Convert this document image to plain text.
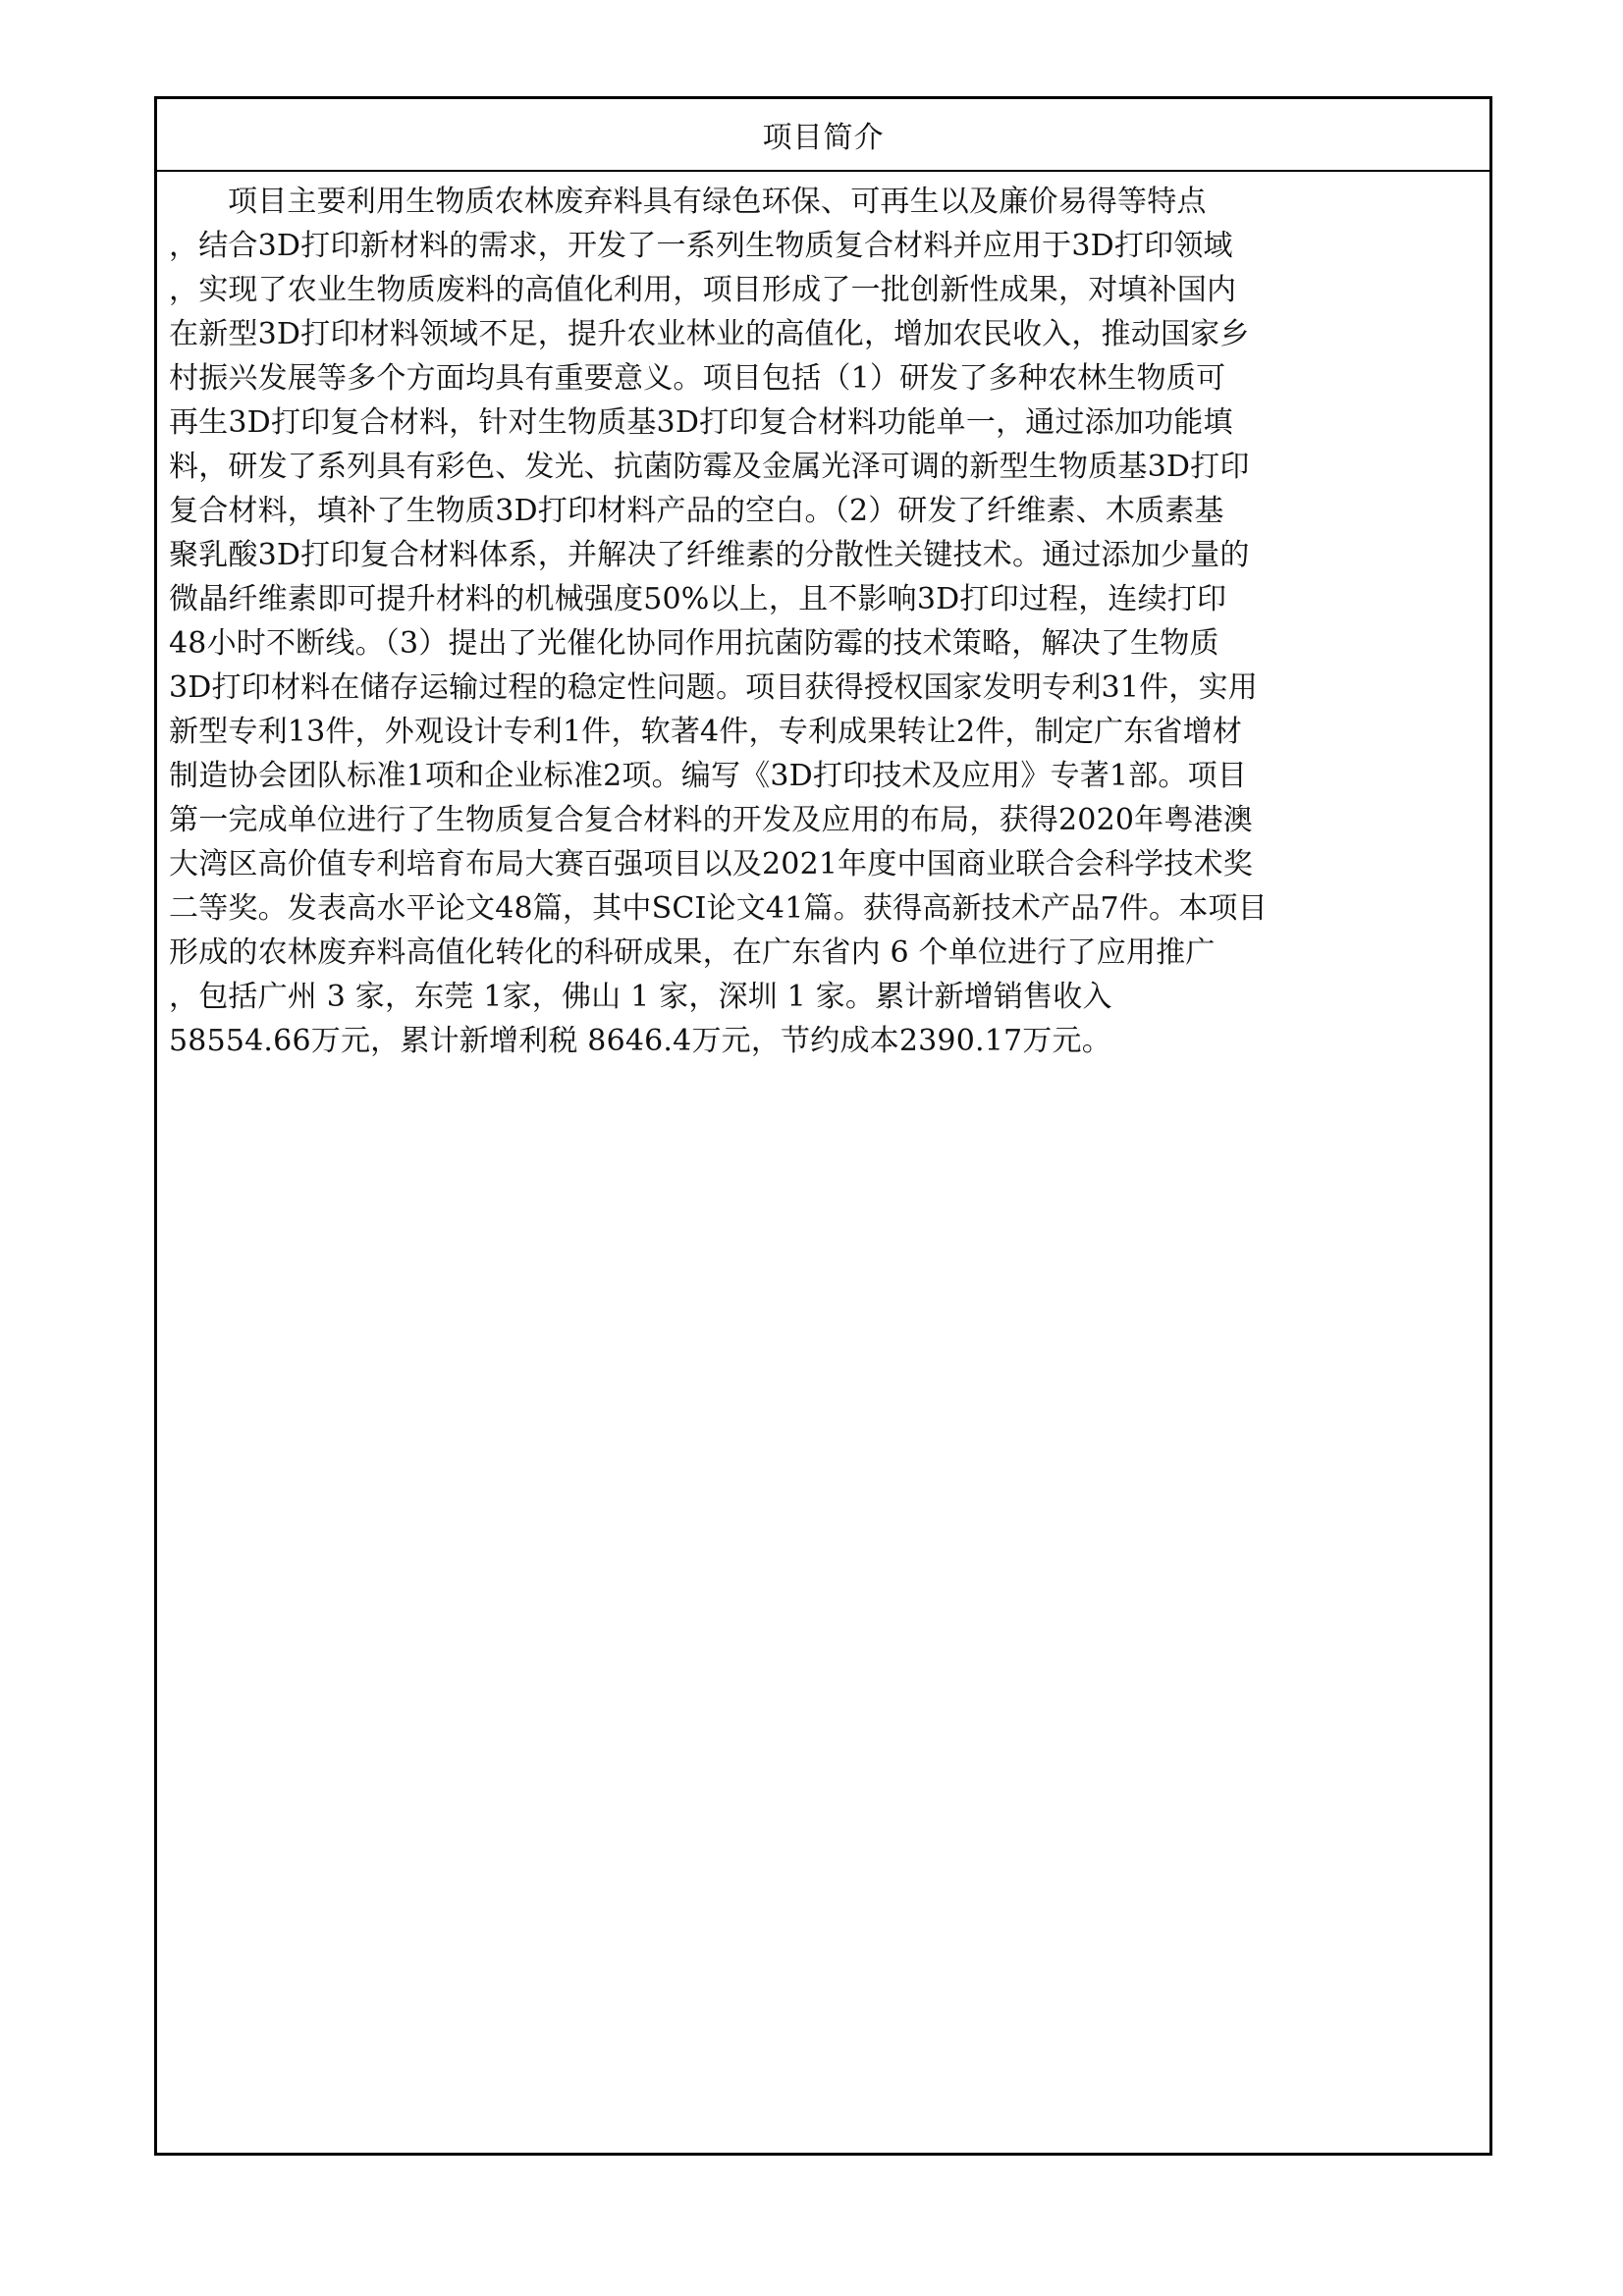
项目简介
项目主要利用生物质农林废弃料具有绿色环保、可再生以及廉价易得等特点
，结合3D打印新材料的需求，开发了一系列生物质复合材料并应用于3D打印领域
，实现了农业生物质废料的高值化利用，项目形成了一批创新性成果，对填补国内
在新型3D打印材料领域不足，提升农业林业的高值化，增加农民收入，推动国家乡
村振兴发展等多个方面均具有重要意义。项目包括（1）研发了多种农林生物质可
再生3D打印复合材料，针对生物质基3D打印复合材料功能单一，通过添加功能填
料，研发了系列具有彩色、发光、抗菌防霉及金属光泽可调的新型生物质基3D打印
复合材料，填补了生物质3D打印材料产品的空白。（2）研发了纤维素、木质素基
聚乳酸3D打印复合材料体系，并解决了纤维素的分散性关键技术。通过添加少量的
微晶纤维素即可提升材料的机械强度50%以上，且不影响3D打印过程，连续打印
48小时不断线。（3）提出了光催化协同作用抗菌防霉的技术策略，解决了生物质
3D打印材料在储存运输过程的稳定性问题。项目获得授权国家发明专利31件，实用
新型专利13件，外观设计专利1件，软著4件，专利成果转让2件，制定广东省增材
制造协会团队标准1项和企业标准2项。编写《3D打印技术及应用》专著1部。项目
第一完成单位进行了生物质复合复合材料的开发及应用的布局，获得2020年粤港澳
大湾区高价值专利培育布局大赛百强项目以及2021年度中国商业联合会科学技术奖
二等奖。发表高水平论文48篇，其中SCI论文41篇。获得高新技术产品7件。本项目
形成的农林废弃料高值化转化的科研成果，在广东省内 6 个单位进行了应用推广
，包括广州 3 家，东莞 1家，佛山 1 家，深圳 1 家。累计新增销售收入
58554.66万元，累计新增利税 8646.4万元，节约成本2390.17万元。
